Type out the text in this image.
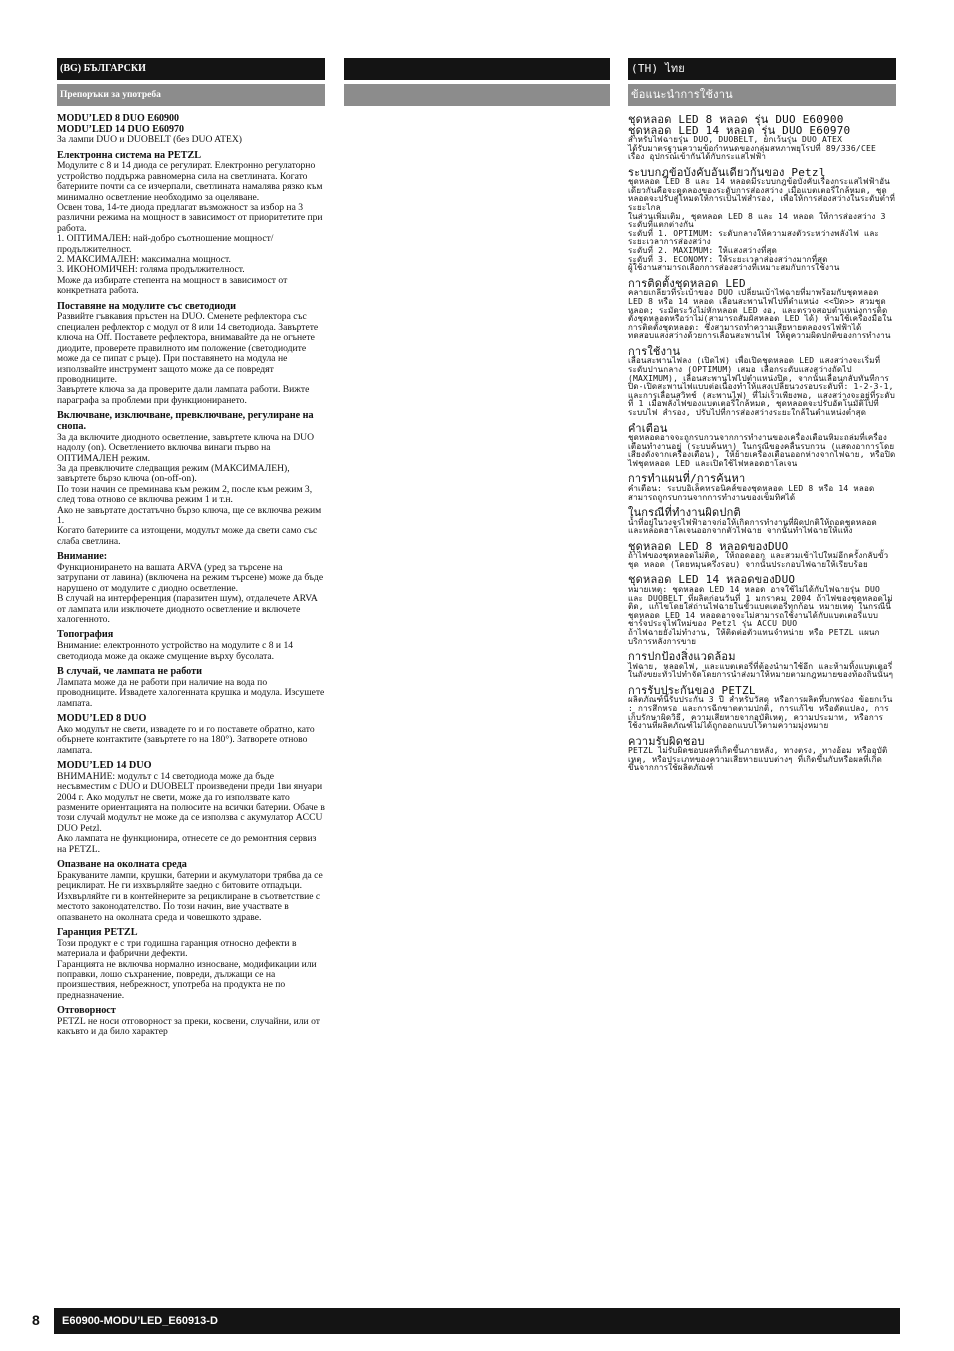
(BG) БЪЛГАРСКИ
Препоръки за употреба
MODU’LED 8 DUO E60900
MODU’LED 14 DUO E60970
За лампи DUO и DUOBELT (без DUO ATEX)
Електронна система на PETZL

Модулите с 8 и 14 диода се регулират. Електронно регулаторно устройство поддържа равномерна сила на светлината. Когато батериите почти са се изчерпали, светлината намалява рязко към минимално осветление необходимо за оцеляване.
Освен това, 14-те диода предлагат възможност за избор на 3 различни режима на мощност в зависимост от приоритетите при работа.
1. ОПТИМАЛЕН: най-добро съотношение мощност/продължителност.
2. МАКСИМАЛЕН: максимална мощност.
3. ИКОНОМИЧЕН: голяма продължителност.
Може да избирате степента на мощност в зависимост от конкретната работа.

Поставяне на модулите със светодиоди

Развийте гъвкавия пръстен на DUO. Сменете рефлектора със специален рефлектор с модул от 8 или 14 светодиода. Завъртете ключа на Off. Поставете рефлектора, внимавайте да не огънете диодите, проверете правилното им положение (светодиодите може да се пипат с ръце). При поставянето на модула не използвайте инструмент защото може да се повредят проводниците.
Завъртете ключа за да проверите дали лампата работи. Вижте параграфа за проблеми при функционирането.

Включване, изключване, превключване, регулиране на снопа.

За да включите диодното осветление, завъртете ключа на DUO надолу (on). Осветлението включва винаги първо на ОПТИМАЛЕН режим.
За да превключите следващия режим (МАКСИМАЛЕН), завъртете бързо ключа (on-off-on).
По този начин се преминава към режим 2, после към режим 3, след това отново се включва режим 1 и т.н.
Ако не завъртате достатъчно бързо ключа, ще се включва режим 1.
Когато батериите са изтощени, модулът може да свети само със слаба светлина.

Внимание:

Функционирането на вашата ARVA (уред за търсене на затрупани от лавина) (включена на режим търсене) може да бъде нарушено от модулите с диодно осветление.
В случай на интерференция (паразитен шум), отдалечете ARVA от лампата или изключете диодното осветление и включете халогенното.

Топография

Внимание: електронното устройство на модулите с 8 и 14 светодиода може да окаже смущение върху бусолата.

В случай, че лампата не работи

Лампата може да не работи при наличие на вода по проводниците. Извадете халогенната крушка и модула. Изсушете лампата.

MODU’LED 8 DUO

Ако модулът не свети, извадете го и го поставете обратно, като обърнете контактите (завъртете го на 180°). Затворете отново лампата.

MODU’LED 14 DUO

ВНИМАНИЕ: модулът с 14 светодиода може да бъде несъвместим с DUO и DUOBELT произведени преди 1ви януари 2004 г. Ако модулът не свети, може да го използвате като размените ориентацията на полюсите на всички батерии. Обаче в този случай модулът не може да се използва с акумулатор ACCU DUO Petzl.
Ако лампата не функционира, отнесете се до ремонтния сервиз на PETZL.

Опазване на околната среда

Бракуваните лампи, крушки, батерии и акумулатори трябва да се рециклират. Не ги изхвърляйте заедно с битовите отпадъци. Изхвърляйте ги в контейнерите за рециклиране в съответствие с местото законодателство. По този начин, вие участвате в опазването на околната среда и човешкото здраве.

Гаранция PETZL

Този продукт е с три годишна гаранция относно дефекти в материала и фабрични дефекти.
Гаранцията не включва нормално износване, модификации или поправки, лошо съхранение, повреди, дължащи се на произшествия, небрежност, употреба на продукта не по предназначение.

Отговорност

PETZL не носи отговорност за преки, косвени, случайни, или от какъвто и да било характер

(TH) ไทย
ข้อแนะนำการใช้งาน
ชุดหลอด LED 8 หลอด รุ่น DUO E60900
ชุดหลอด LED 14 หลอด รุ่น DUO E60970
สำหรับไฟฉายรุ่น DUO, DUOBELT, ยกเว้นรุ่น DUO ATEX
ได้รับมาตรฐานความข้อกำหนดของกลุ่มสหภาพยุโรปที่ 89/336/CEE เรื่อง อุปกรณ์เข้ากันได้กับกระแสไฟฟ้า
ระบบกฎข้อบังคับอันเดียวกันของ Petzl

ชุดหลอด LED 8 และ 14 หลอดมีระบบกฎข้อบังคับเรื่องกระแสไฟฟ้าอัน เดียวกันคือจะดูดลองของระดับการส่องสว่าง เมื่อแบตเตอรี่ใกล้หมด, ชุด หลอดจะปรับสู่โหมดให้การเป็นไฟสำรอง, เพื่อให้การส่องสว่างในระดับต่ำที่ระยะไกล
ในส่วนเพิ่มเติม, ชุดหลอด LED 8 และ 14 หลอด ให้การส่องสว่าง 3 ระดับที่แตกต่างกัน
ระดับที่ 1. OPTIMUM: ระดับกลางให้ความสงตัวระหว่างพลังไฟ และ ระยะเวลาการส่องสว่าง
ระดับที่ 2. MAXIMUM: ให้แสงสว่างที่สุด
ระดับที่ 3. ECONOMY: ให้ระยะเวลาส่องสว่างมากที่สุด
ผู้ใช้งานสามารถเลือกการส่องสว่างที่เหมาะสมกับการใช้งาน

การติดตั้งชุดหลอด LED

คลายเกลียวที่ระเบ้าของ DUO เปลี่ยนเบ้าไฟฉายที่มาพร้อมกับชุดหลอด LED 8 หรือ 14 หลอด เลื่อนสะพานไฟไปที่ตำแหน่ง <<ปิด>> สวมชุดหลอด; ระมัดระวังไม่หักหลอด LED งอ, และตรวจสอบตำแหน่งการติด ตั้งชุดหลอดหรือว่าไม่(สามารถสัมผัสหลอด LED ได้) ห้ามใช้เครื่องมือในการติดตั้งชุดหลอด: ซึ่งสามารถทำความเสียหายตลองจรไฟฟ้าได้
ทดสอบแสงสว่างด้วยการเลื่อนสะพานไฟ ให้ดูความผิดปกติของการทำงาน

การใช้งาน

เลื่อนสะพานไฟลง (เปิดไฟ) เพื่อเปิดชุดหลอด LED แสงสว่างจะเริ่มที่ ระดับปานกลาง (OPTIMUM) เสมอ เลือกระดับแสงสว่างถัดไป (MAXIMUM), เลื่อนสะพานไฟไปตำแหน่งปิด, จากนั้นเลื่อนกลับทันทีการ ปิด-เปิดสะพานไฟแบบต่อเนื่องทำให้แสงเปลี่ยนวงรอบระดับที่: 1-2-3-1, และการเลื่อนสวิทช์ (สะพานไฟ) ที่ไม่เร็วเพียงพอ, แสงสว่างจะอยู่ที่ระดับที่ 1 เมื่อพลังไฟของแบตเตอรี่ใกล้หมด, ชุดหลอดจะปรับอัตโนมัติไปที่ระบบไฟ สำรอง, ปรับไปที่การส่องสว่างระยะใกล้ในตำแหน่งต่ำสุด

คำเตือน

ชุดหลอดอาจจะถูกรบกวนจากการทำงานของเครื่องเตือนหิมะถล่มที่เครื่อง เตือนทำงานอยู่ (ระบบค้นหา) ในกรณีของคลื่นรบกวน (แสดงอาการโดย เสียงดังจากเครื่องเตือน), ให้ย้ายเครื่องเตือนออกห่างจากไฟฉาย, หรือปิดไฟชุดหลอด LED และเปิดใช้ไฟหลอดฮาโลเจน

การทำแผนที่/การค้นหา

คำเตือน: ระบบอิเล็คทรอนิคส์ของชุดหลอด LED 8 หรือ 14 หลอด สามารถถูกรบกวนจากการทำงานของเข็มทิศได้

ในกรณีที่ทำงานผิดปกติ

น้ำที่อยู่ในวงจรไฟฟ้าอาจก่อให้เกิดการทำงานที่ผิดปกติให้ถอดชุดหลอด และหลอดฮาโลเจนออกจากตัวไฟฉาย จากนั้นทำไฟฉายให้แห้ง

ชุดหลอด LED 8 หลอดของDUO

ถ้าไฟของชุดหลอดไม่ติด, ให้ถอดออก และสวมเข้าไปใหม่อีกครั้งกลับขั้วชุด หลอด (โดยหมุนครึ่งรอบ) จากนั้นประกอบไฟฉายให้เรียบร้อย

ชุดหลอด LED 14 หลอดของDUO

หมายเหตุ: ชุดหลอด LED 14 หลอด อาจใช้ไม่ได้กับไฟฉายรุ่น DUO และ DUOBELT ที่ผลิตก่อนวันที่ 1 มกราคม 2004 ถ้าไฟของชุดหลอดไม่ติด, แก้ไขโดยใส่ถ่านไฟฉายในขั้วแบตเตอรี่ทุกก้อน หมายเหตุ ในกรณีนี้ชุดหลอด LED 14 หลอดอาจจะไม่สามารถใช้งานได้กับแบตเตอรี่แบบชาร์จประจุไฟใหม่ของ Petzl รุ่น ACCU DUO
ถ้าไฟฉายยังไม่ทำงาน, ให้ติดต่อตัวแทนจำหน่าย หรือ PETZL แผนกบริการหลังการขาย

การปกป้องสิ่งแวดล้อม

ไฟฉาย, หลอดไฟ, และแบตเตอรี่ที่ต้องนำมาใช้อีก และห้ามทิ้งแบตเตอรี่ ในถังขยะทั่วไปทำจัดโดยการนำส่งมาให้หมายตามกฎหมายของท้องถิ่นนั้นๆ

การรับประกันของ PETZL

ผลิตภัณฑ์นี้รับประกัน 3 ปี สำหรับวัสดุ หรือการผลิตที่บกพร่อง ข้อยกเว้น : การสึกหรอ และการฉีกขาดตามปกติ, การแก้ไข หรือดัดแปลง, การ เก็บรักษาผิดวิธี, ความเสียหายจากอุบัติเหตุ, ความประมาท, หรือการ ใช้งานที่ผลิตภัณฑ์ไม่ได้ถูกออกแบบไว้ตามความมุ่งหมาย

ความรับผิดชอบ

PETZL ไม่รับผิดชอบผลที่เกิดขึ้นภายหลัง, ทางตรง, ทางอ้อม หรืออุบัติ เหตุ, หรือประเภทของความเสียหายแบบต่างๆ ที่เกิดขึ้นกับหรือผลที่เกิด ขึ้นจากการใช้ผลิตภัณฑ์

8 E60900-MODU’LED_E60913-D
